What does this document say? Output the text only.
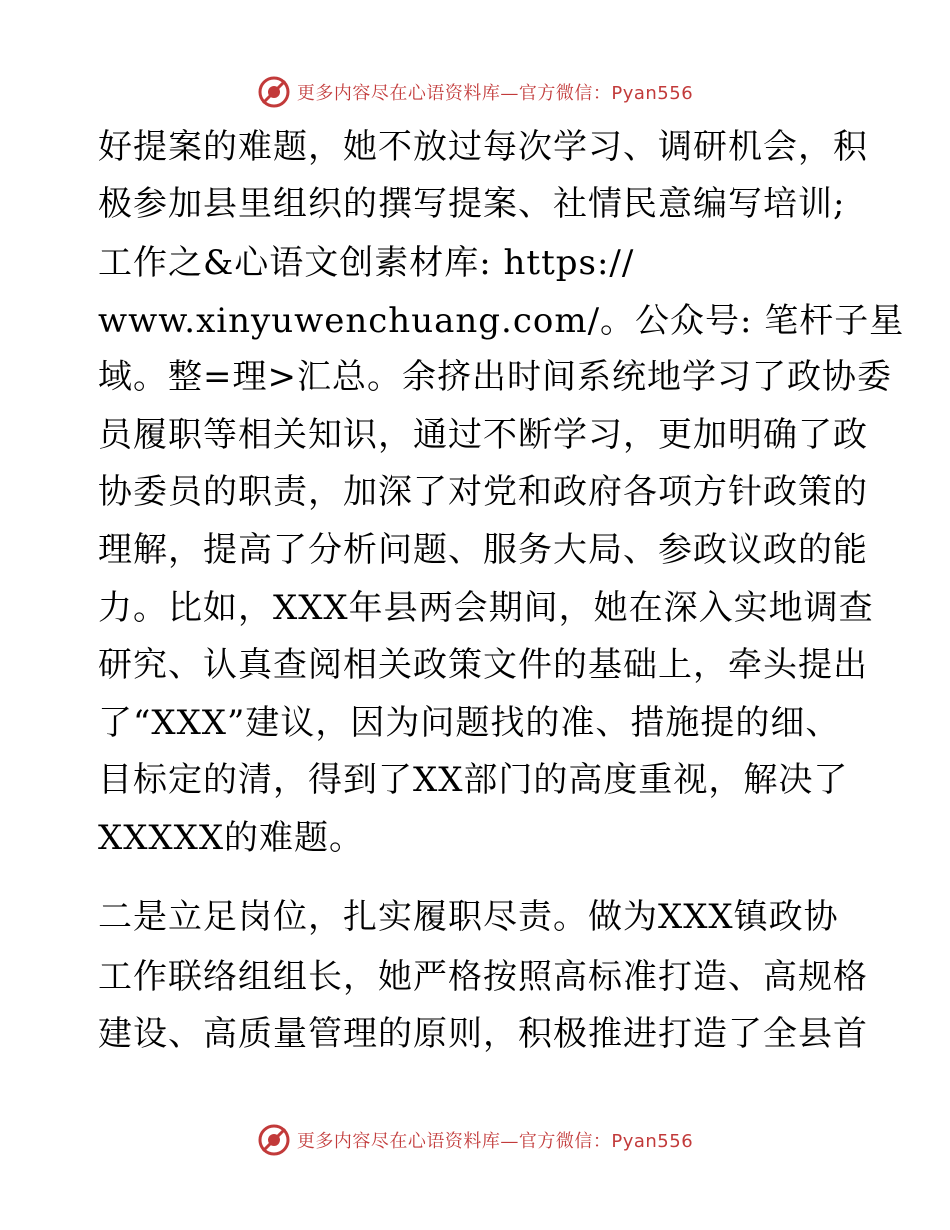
更多内容尽在心语资料库—官方微信：Pyan556
好提案的难题，她不放过每次学习、调研机会，积
极参加县里组织的撰写提案、社情民意编写培训;
工作之&心语文创素材库: https://
www.xinyuwenchuang.com/。公众号: 笔杆子星
域。整=理>汇总。余挤出时间系统地学习了政协委
员履职等相关知识，通过不断学习，更加明确了政
协委员的职责，加深了对党和政府各项方针政策的
理解，提高了分析问题、服务大局、参政议政的能
力。比如，XXX年县两会期间，她在深入实地调查
研究、认真查阅相关政策文件的基础上，牵头提出
了“XXX”建议，因为问题找的准、措施提的细、
目标定的清，得到了XX部门的高度重视，解决了
XXXXX的难题。
二是立足岗位，扎实履职尽责。做为XXX镇政协
工作联络组组长，她严格按照高标准打造、高规格
建设、高质量管理的原则，积极推进打造了全县首
更多内容尽在心语资料库—官方微信：Pyan556
